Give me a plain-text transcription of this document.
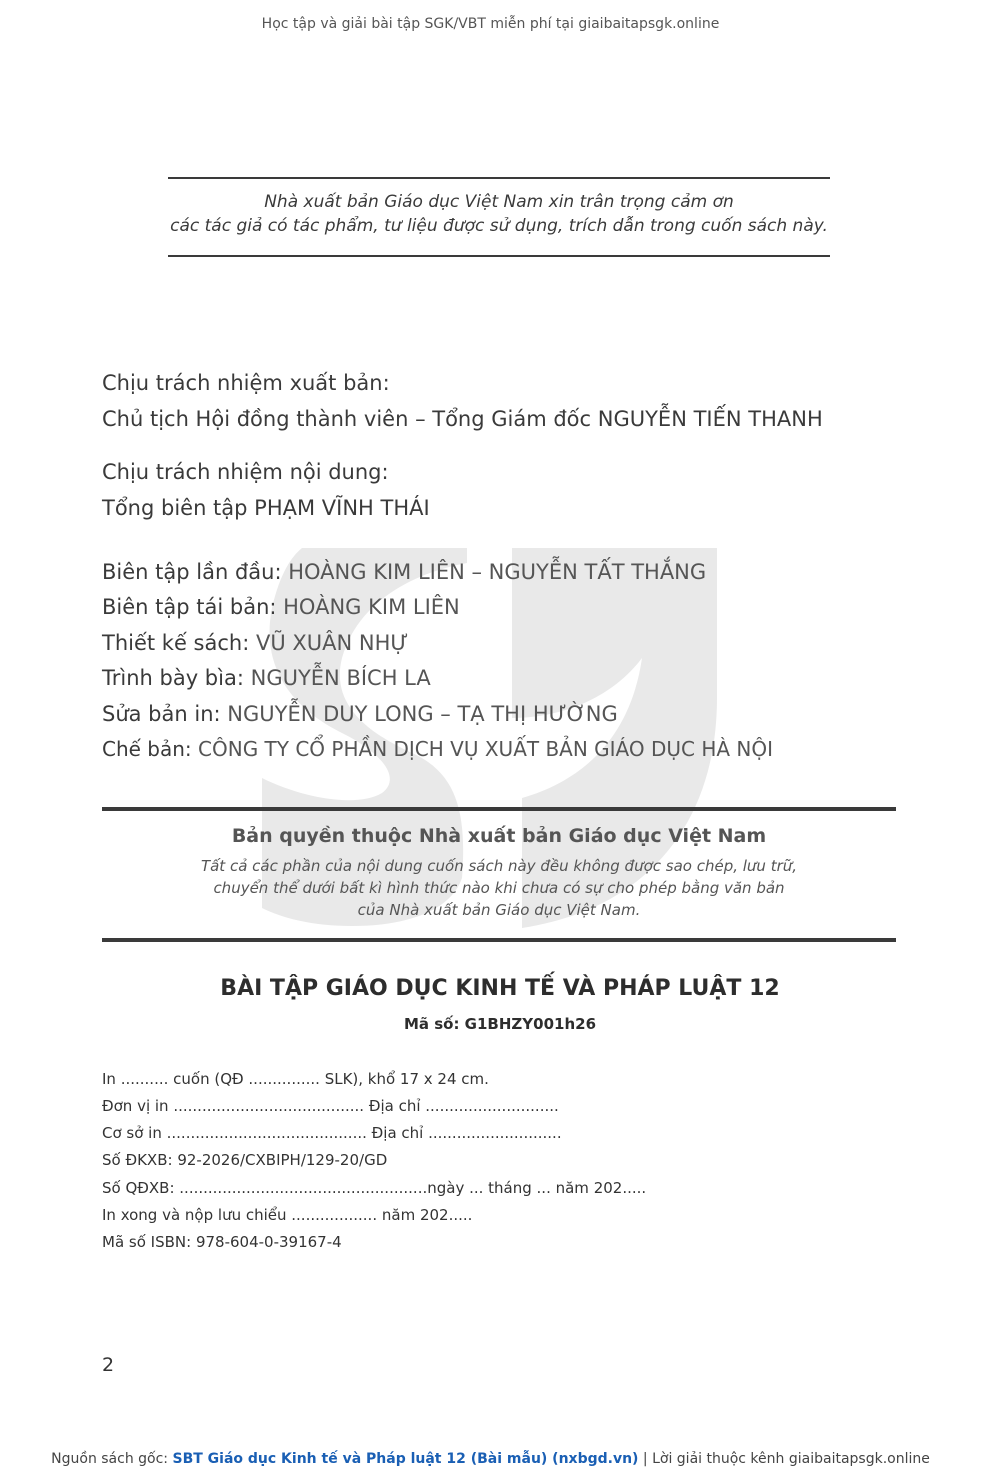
Học tập và giải bài tập SGK/VBT miễn phí tại giaibaitapsgk.online
Nhà xuất bản Giáo dục Việt Nam xin trân trọng cảm ơn
các tác giả có tác phẩm, tư liệu được sử dụng, trích dẫn trong cuốn sách này.
Chịu trách nhiệm xuất bản:
Chủ tịch Hội đồng thành viên – Tổng Giám đốc NGUYỄN TIẾN THANH
Chịu trách nhiệm nội dung:
Tổng biên tập PHẠM VĨNH THÁI
Biên tập lần đầu: HOÀNG KIM LIÊN – NGUYỄN TẤT THẮNG
Biên tập tái bản: HOÀNG KIM LIÊN
Thiết kế sách: VŨ XUÂN NHỰ
Trình bày bìa: NGUYỄN BÍCH LA
Sửa bản in: NGUYỄN DUY LONG – TẠ THỊ HƯỜNG
Chế bản: CÔNG TY CỔ PHẦN DỊCH VỤ XUẤT BẢN GIÁO DỤC HÀ NỘI
Bản quyền thuộc Nhà xuất bản Giáo dục Việt Nam
Tất cả các phần của nội dung cuốn sách này đều không được sao chép, lưu trữ,
chuyển thể dưới bất kì hình thức nào khi chưa có sự cho phép bằng văn bản
của Nhà xuất bản Giáo dục Việt Nam.
BÀI TẬP GIÁO DỤC KINH TẾ VÀ PHÁP LUẬT 12
Mã số: G1BHZY001h26
In .......... cuốn (QĐ ............... SLK), khổ 17 x 24 cm.
Đơn vị in ........................................ Địa chỉ ............................
Cơ sở in .......................................... Địa chỉ ............................
Số ĐKXB: 92-2026/CXBIPH/129-20/GD
Số QĐXB: ....................................................ngày ... tháng ... năm 202.....
In xong và nộp lưu chiểu .................. năm 202.....
Mã số ISBN: 978-604-0-39167-4
2
Nguồn sách gốc: SBT Giáo dục Kinh tế và Pháp luật 12 (Bài mẫu) (nxbgd.vn) | Lời giải thuộc kênh giaibaitapsgk.online
